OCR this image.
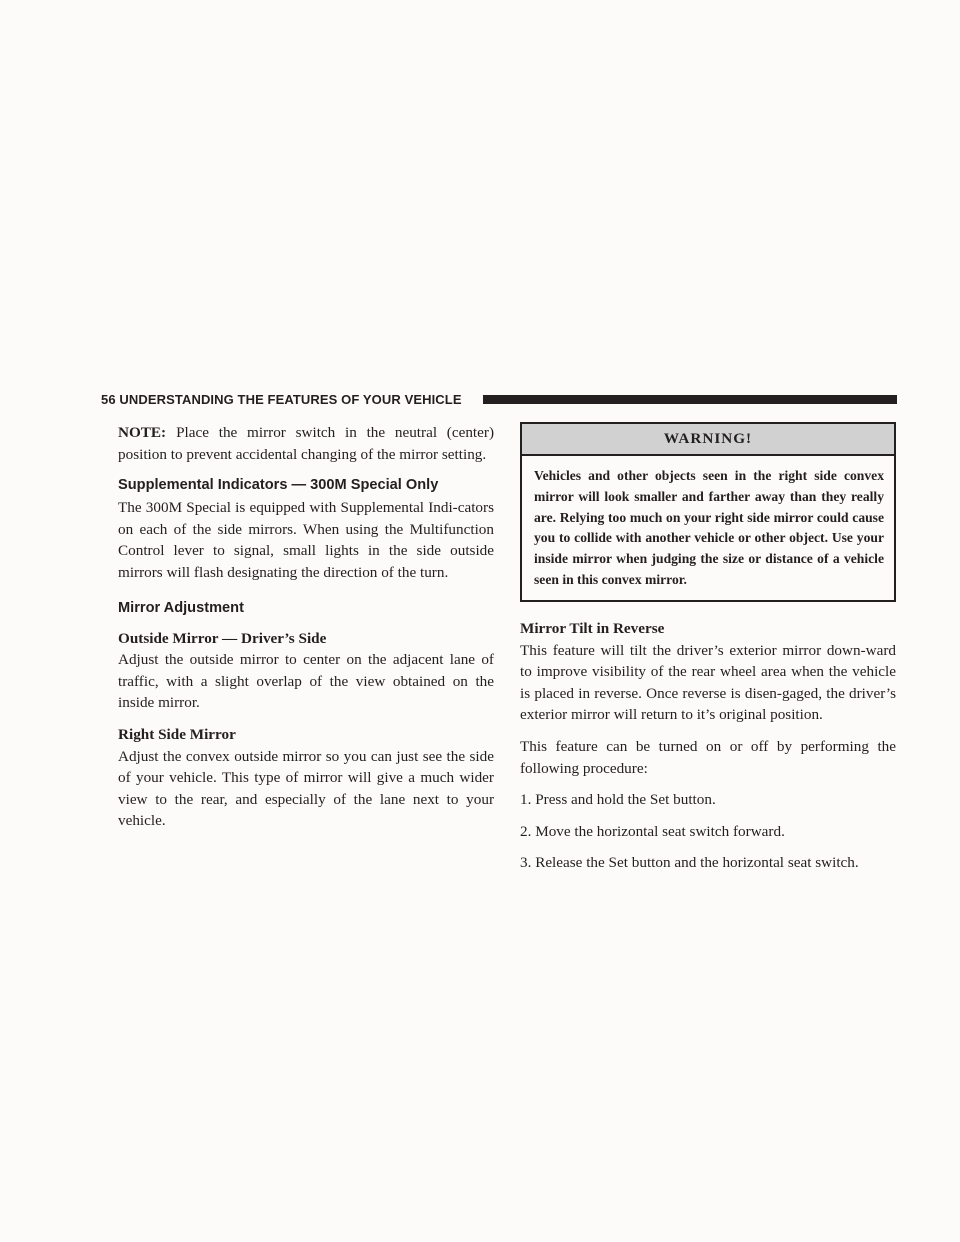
56 UNDERSTANDING THE FEATURES OF YOUR VEHICLE

NOTE: Place the mirror switch in the neutral (center) position to prevent accidental changing of the mirror setting.

Supplemental Indicators — 300M Special Only

The 300M Special is equipped with Supplemental Indi-cators on each of the side mirrors. When using the Multifunction Control lever to signal, small lights in the side outside mirrors will flash designating the direction of the turn.

Mirror Adjustment
Outside Mirror — Driver’s Side

Adjust the outside mirror to center on the adjacent lane of traffic, with a slight overlap of the view obtained on the inside mirror.

Right Side Mirror

Adjust the convex outside mirror so you can just see the side of your vehicle. This type of mirror will give a much wider view to the rear, and especially of the lane next to your vehicle.

WARNING!
Vehicles and other objects seen in the right side convex mirror will look smaller and farther away than they really are. Relying too much on your right side mirror could cause you to collide with another vehicle or other object. Use your inside mirror when judging the size or distance of a vehicle seen in this convex mirror.
Mirror Tilt in Reverse

This feature will tilt the driver’s exterior mirror down-ward to improve visibility of the rear wheel area when the vehicle is placed in reverse. Once reverse is disen-gaged, the driver’s exterior mirror will return to it’s original position.

This feature can be turned on or off by performing the following procedure:

1. Press and hold the Set button.

2. Move the horizontal seat switch forward.

3. Release the Set button and the horizontal seat switch.
